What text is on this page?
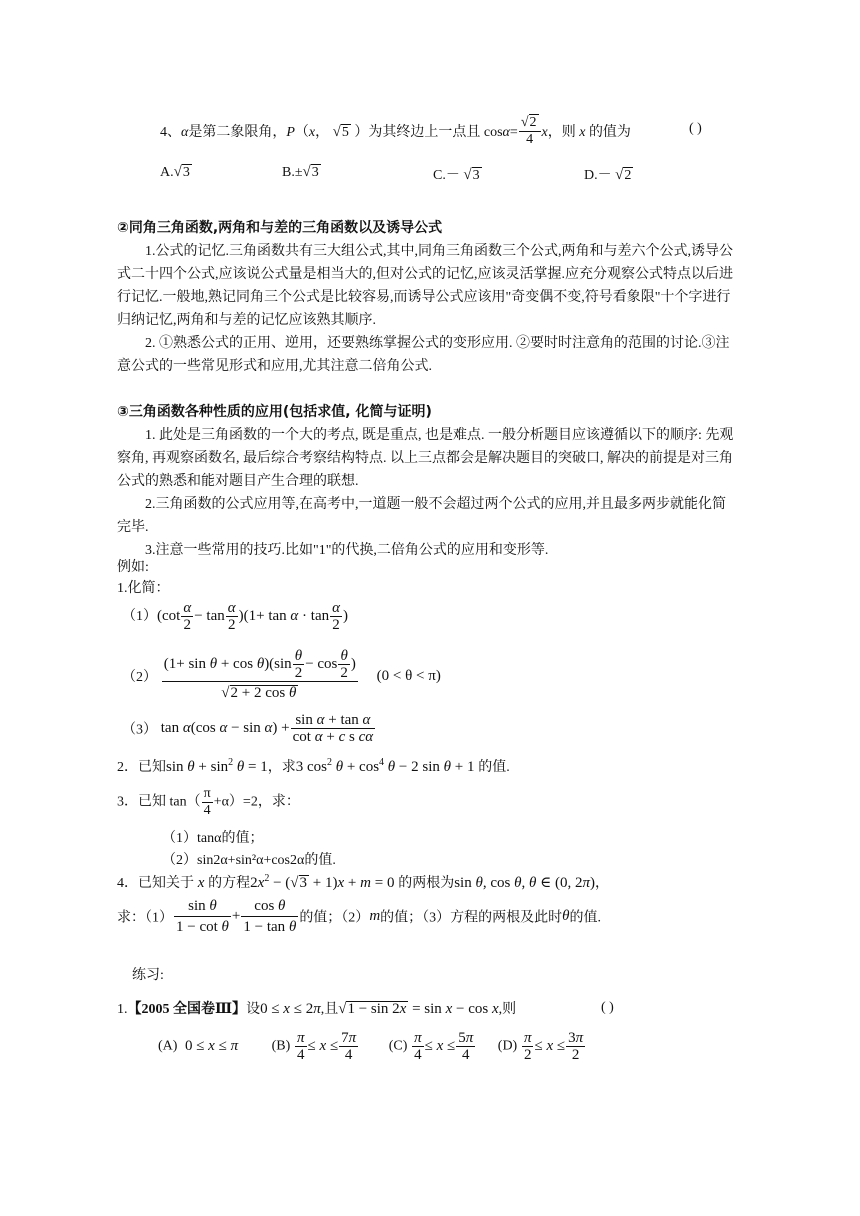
4、α是第二象限角，P（x， √5 ）为其终边上一点且 $\cos\alpha= \frac{√2}{4}$ x，则 x 的值为	( )
A.√3	B.±√3	C.－ √3	D.－ √2
②同角三角函数,两角和与差的三角函数以及诱导公式
1.公式的记忆.三角函数共有三大组公式,其中,同角三角函数三个公式,两角和与差六个公式,诱导公式二十四个公式,应该说公式量是相当大的,但对公式的记忆,应该灵活掌握.应充分观察公式特点以后进行记忆.一般地,熟记同角三个公式是比较容易,而诱导公式应该用"奇变偶不变,符号看象限"十个字进行归纳记忆,两角和与差的记忆应该熟其顺序.
2. ①熟悉公式的正用、逆用，还要熟练掌握公式的变形应用. ②要时时注意角的范围的讨论.③注意公式的一些常见形式和应用,尤其注意二倍角公式.
③三角函数各种性质的应用(包括求值, 化简与证明)
1. 此处是三角函数的一个大的考点, 既是重点, 也是难点. 一般分析题目应该遵循以下的顺序: 先观察角, 再观察函数名, 最后综合考察结构特点. 以上三点都会是解决题目的突破口, 解决的前提是对三角公式的熟悉和能对题目产生合理的联想.
2.三角函数的公式应用等,在高考中,一道题一般不会超过两个公式的应用,并且最多两步就能化简完毕.
3.注意一些常用的技巧.比如"1"的代换,二倍角公式的应用和变形等.
例如:
1.化简：
$(1)(\cot \frac{\alpha}{2} - \tan \frac{\alpha}{2} )(1+ \tan \alpha \cdot \tan \frac{\alpha}{2}$ )
$(2) \frac{(1+ \sin \theta + \cos \theta)(\sin \frac{\theta}{2} - \cos \frac{\theta}{2} )}{\text{√2 + 2 cos θ}} (0 < \theta < \pi)$
（3） tan α(cos $\alpha - \sin \alpha) + \frac{\text{sin α + tan α}}{\text{cot α + c s cα}}$
2．已知$\sin \theta + \sin^2 \theta = 1$，求3 $\cos^2 \theta + \cos^4 \theta - 2$ sin θ + 1 的值.
3．已知 $\tan( \frac{\pi}{4} +\alpha)=2$，求：
（1）tanα的值；
（2）sin2α+sin²α+cos2α的值.
4．已知关于 x 的方程$2x^2 - (√3 + 1)x + m = 0$ 的两根为sin θ, cos θ, θ ∈ (0, 2π)，
求：$(1) \frac{\text{sin θ}}{\text{1 − cot θ}} + \frac{\text{cos θ}}{\text{1 − tan θ}}$ 的值；（2）m的值；（3）方程的两根及此时θ的值.
练习:
1.【2005 全国卷Ⅲ】设0 ≤ x ≤ 2π,且√1 − sin 2x = sin x − cos x,则	( )
(A)  0 ≤ x ≤ π $(B) \frac{\pi}{4} \le x \le \frac{7\pi}{4} (C) \frac{\pi}{4} \le x \le \frac{5\pi}{4} (D) \frac{\pi}{2} \le x \le \frac{3\pi}{2}$
